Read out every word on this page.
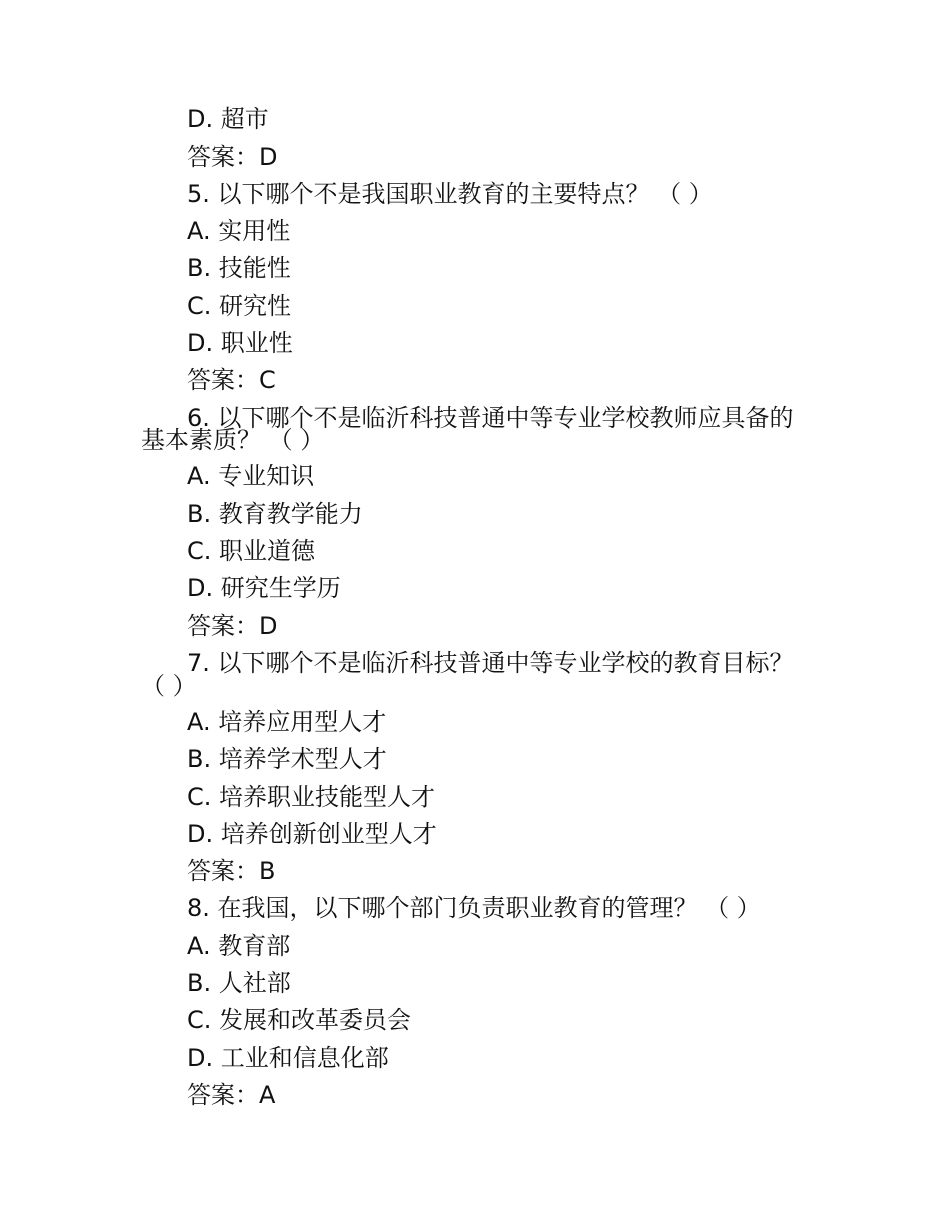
D. 超市

答案：D

5. 以下哪个不是我国职业教育的主要特点？ （ ）

A. 实用性

B. 技能性

C. 研究性

D. 职业性

答案：C

6. 以下哪个不是临沂科技普通中等专业学校教师应具备的

基本素质？ （ ）

A. 专业知识

B. 教育教学能力

C. 职业道德

D. 研究生学历

答案：D

7. 以下哪个不是临沂科技普通中等专业学校的教育目标？

（ ）

A. 培养应用型人才

B. 培养学术型人才

C. 培养职业技能型人才

D. 培养创新创业型人才

答案：B

8. 在我国，以下哪个部门负责职业教育的管理？ （ ）

A. 教育部

B. 人社部

C. 发展和改革委员会

D. 工业和信息化部

答案：A
